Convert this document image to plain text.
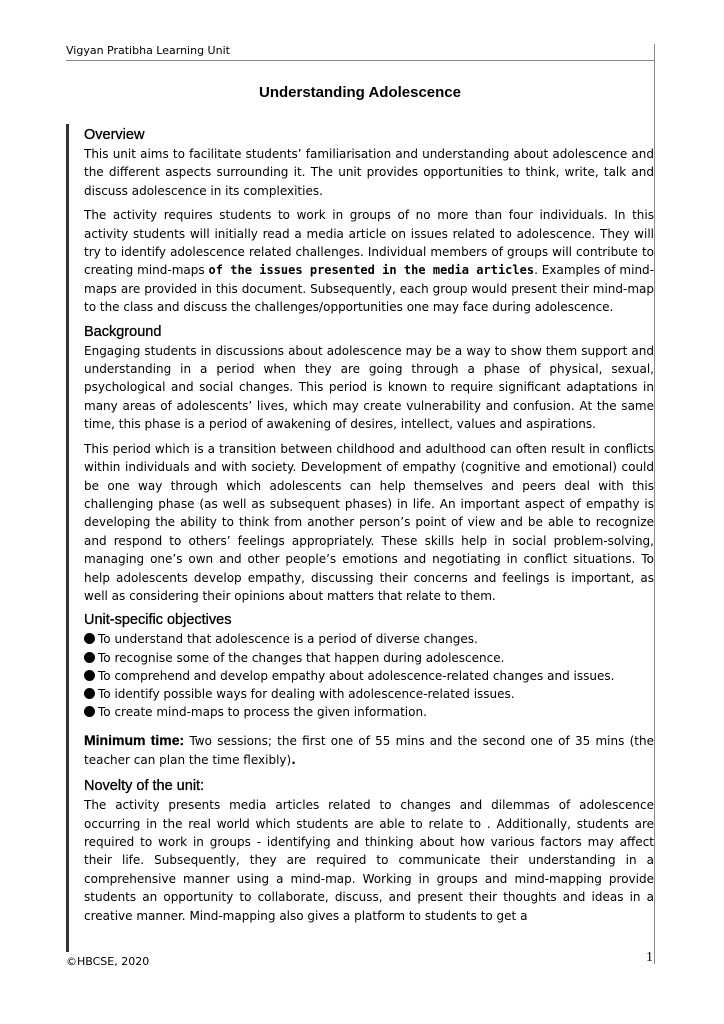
Vigyan Pratibha Learning Unit
Understanding Adolescence
Overview

This unit aims to facilitate students’ familiarisation and understanding about adolescence and the different aspects surrounding it. The unit provides opportunities to think, write, talk and discuss adolescence in its complexities.

The activity requires students to work in groups of no more than four individuals. In this activity students will initially read a media article on issues related to adolescence. They will try to identify adolescence related challenges. Individual members of groups will contribute to creating mind-maps of the issues presented in the media articles. Examples of mind-maps are provided in this document. Subsequently, each group would present their mind-map to the class and discuss the challenges/opportunities one may face during adolescence.

Background

Engaging students in discussions about adolescence may be a way to show them support and understanding in a period when they are going through a phase of physical, sexual, psychological and social changes. This period is known to require significant adaptations in many areas of adolescents’ lives, which may create vulnerability and confusion. At the same time, this phase is a period of awakening of desires, intellect, values and aspirations.

This period which is a transition between childhood and adulthood can often result in conflicts within individuals and with society. Development of empathy (cognitive and emotional) could be one way through which adolescents can help themselves and peers deal with this challenging phase (as well as subsequent phases) in life. An important aspect of empathy is developing the ability to think from another person’s point of view and be able to recognize and respond to others’ feelings appropriately. These skills help in social problem-solving, managing one’s own and other people’s emotions and negotiating in conflict situations. To help adolescents develop empathy, discussing their concerns and feelings is important, as well as considering their opinions about matters that relate to them.

Unit-specific objectives
To understand that adolescence is a period of diverse changes.
To recognise some of the changes that happen during adolescence.
To comprehend and develop empathy about adolescence-related changes and issues.
To identify possible ways for dealing with adolescence-related issues.
To create mind-maps to process the given information.

Minimum time: Two sessions; the first one of 55 mins and the second one of 35 mins (the teacher can plan the time flexibly).

Novelty of the unit:

The activity presents media articles related to changes and dilemmas of adolescence occurring in the real world which students are able to relate to . Additionally, students are required to work in groups - identifying and thinking about how various factors may affect their life. Subsequently, they are required to communicate their understanding in a comprehensive manner using a mind-map. Working in groups and mind-mapping provide students an opportunity to collaborate, discuss, and present their thoughts and ideas in a creative manner. Mind-mapping also gives a platform to students to get a

©HBCSE, 2020	1
